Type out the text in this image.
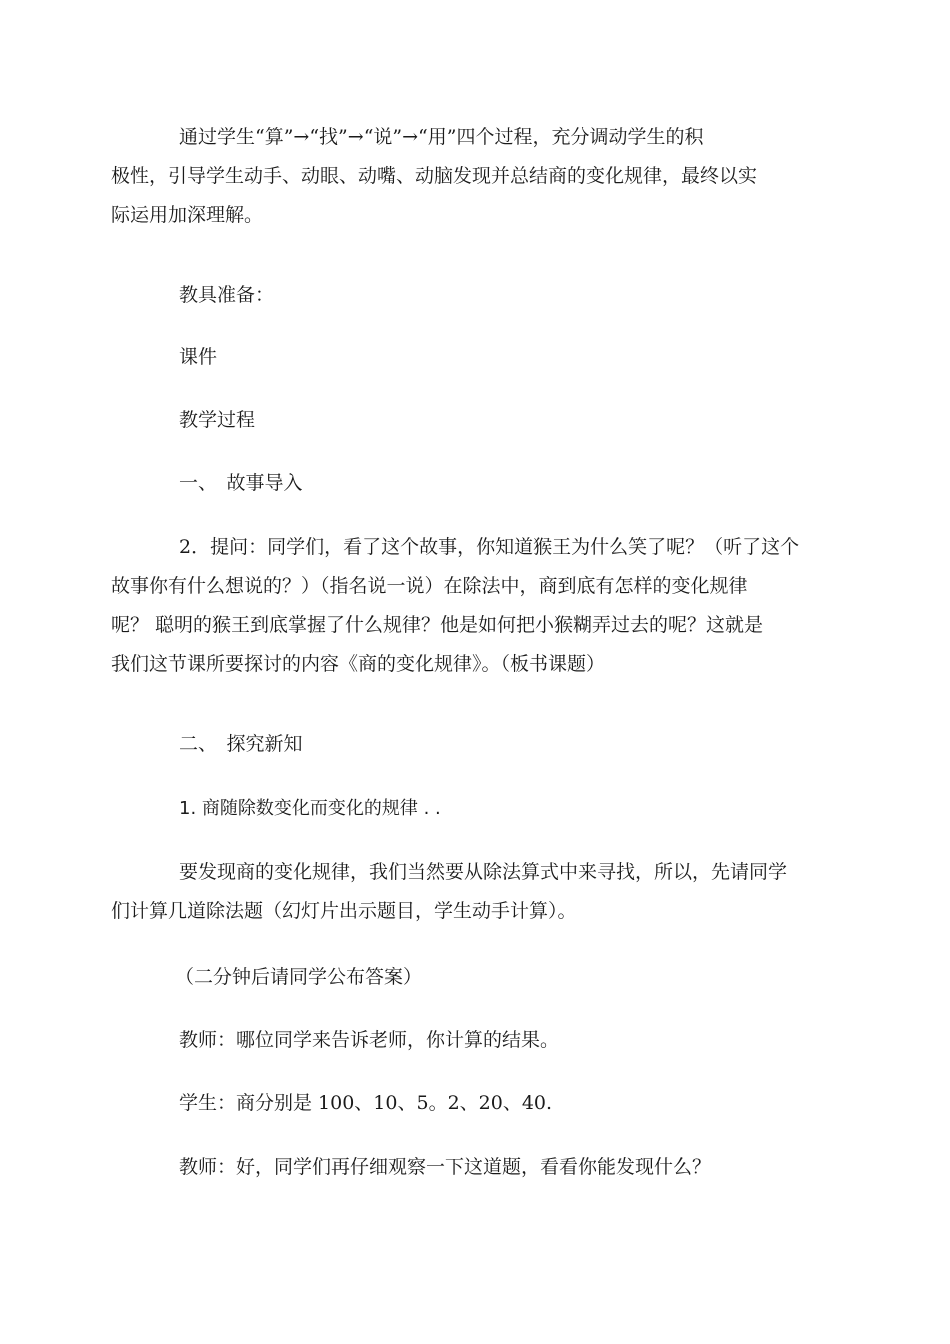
通过学生“算”→“找”→“说”→“用”四个过程，充分调动学生的积
极性，引导学生动手、动眼、动嘴、动脑发现并总结商的变化规律，最终以实
际运用加深理解。
教具准备：
课件
教学过程
一、　故事导入
2．提问：同学们，看了这个故事，你知道猴王为什么笑了呢？（听了这个
故事你有什么想说的？）（指名说一说）在除法中，商到底有怎样的变化规律
呢？ 聪明的猴王到底掌握了什么规律？他是如何把小猴糊弄过去的呢？这就是
我们这节课所要探讨的内容《商的变化规律》。（板书课题）
二、　探究新知
1. 商随除数变化而变化的规律 . .
要发现商的变化规律，我们当然要从除法算式中来寻找，所以，先请同学
们计算几道除法题（幻灯片出示题目，学生动手计算）。
（二分钟后请同学公布答案）
教师：哪位同学来告诉老师，你计算的结果。
学生：商分别是 100、10、5。2、20、40.
教师：好，同学们再仔细观察一下这道题，看看你能发现什么？
